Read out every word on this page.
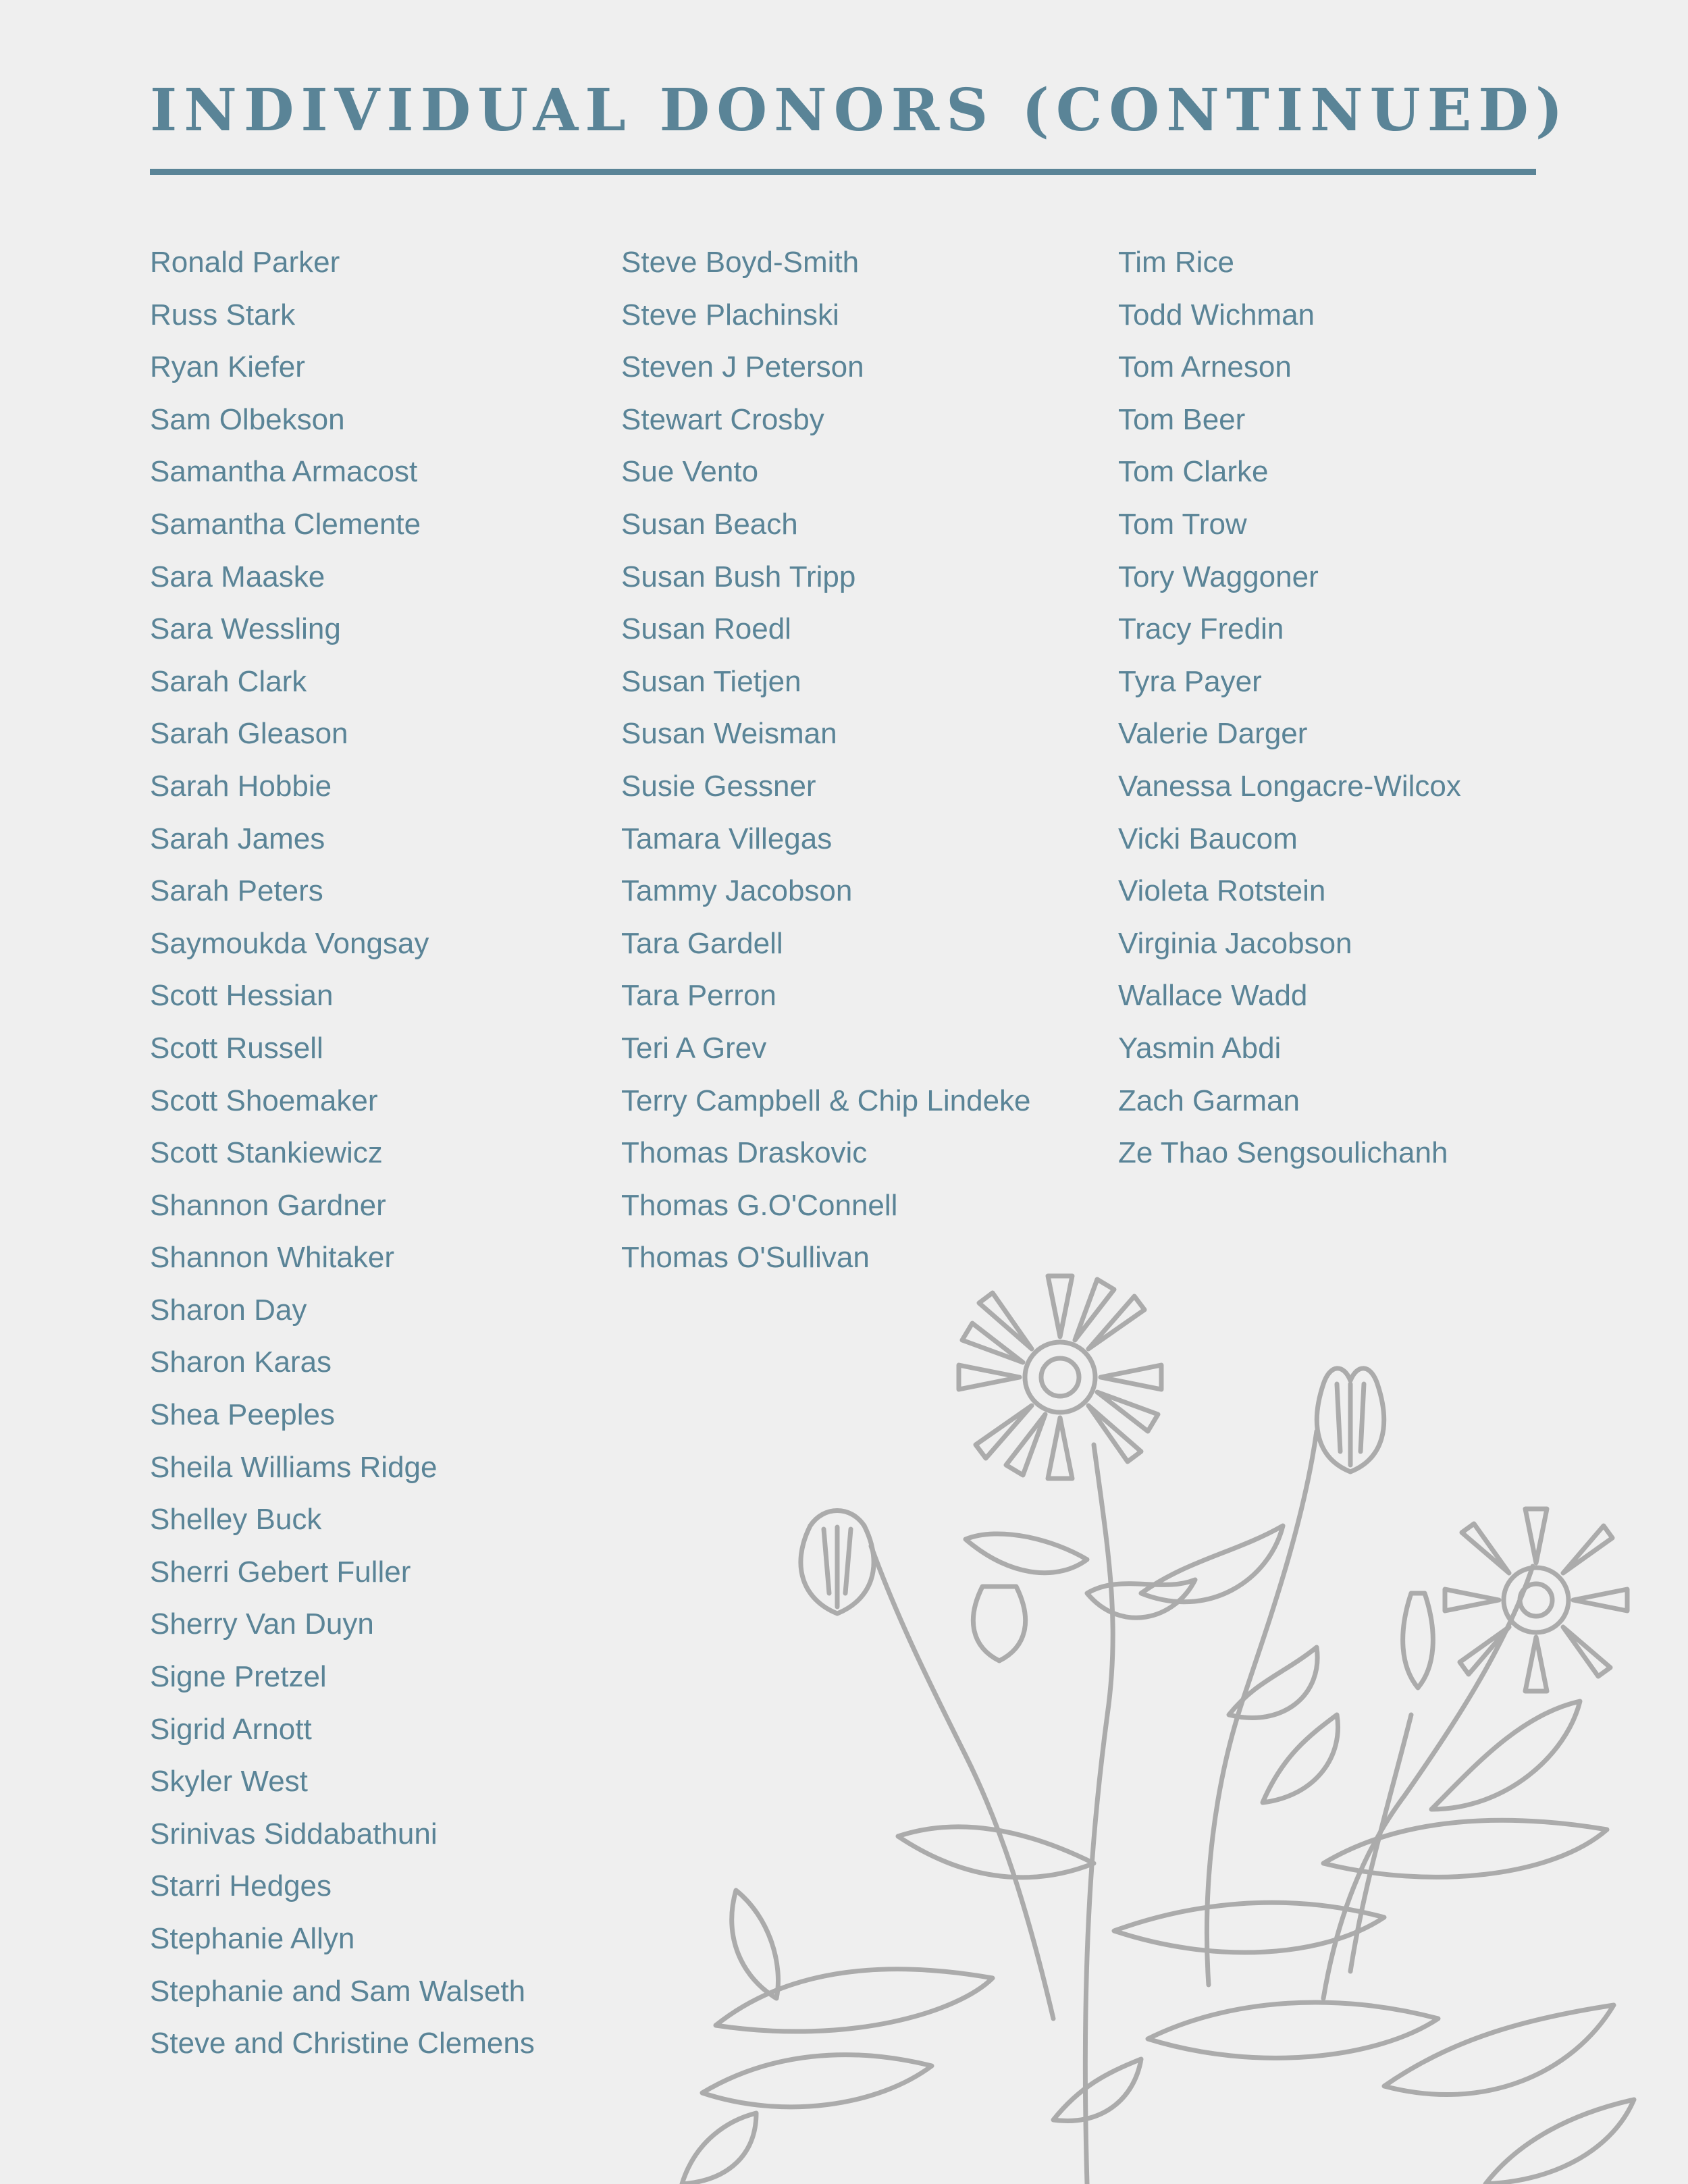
INDIVIDUAL DONORS (CONTINUED)
Ronald Parker
Russ Stark
Ryan Kiefer
Sam Olbekson
Samantha Armacost
Samantha Clemente
Sara Maaske
Sara Wessling
Sarah Clark
Sarah Gleason
Sarah Hobbie
Sarah James
Sarah Peters
Saymoukda Vongsay
Scott Hessian
Scott Russell
Scott Shoemaker
Scott Stankiewicz
Shannon Gardner
Shannon Whitaker
Sharon Day
Sharon Karas
Shea Peeples
Sheila Williams Ridge
Shelley Buck
Sherri Gebert Fuller
Sherry Van Duyn
Signe Pretzel
Sigrid Arnott
Skyler West
Srinivas Siddabathuni
Starri Hedges
Stephanie Allyn
Stephanie and Sam Walseth
Steve and Christine Clemens
Steve Boyd-Smith
Steve Plachinski
Steven J Peterson
Stewart Crosby
Sue Vento
Susan Beach
Susan Bush Tripp
Susan Roedl
Susan Tietjen
Susan Weisman
Susie Gessner
Tamara Villegas
Tammy Jacobson
Tara Gardell
Tara Perron
Teri A Grev
Terry Campbell & Chip Lindeke
Thomas Draskovic
Thomas G.O'Connell
Thomas O'Sullivan
Tim Rice
Todd Wichman
Tom Arneson
Tom Beer
Tom Clarke
Tom Trow
Tory Waggoner
Tracy Fredin
Tyra Payer
Valerie Darger
Vanessa Longacre-Wilcox
Vicki Baucom
Violeta Rotstein
Virginia Jacobson
Wallace Wadd
Yasmin Abdi
Zach Garman
Ze Thao Sengsoulichanh
